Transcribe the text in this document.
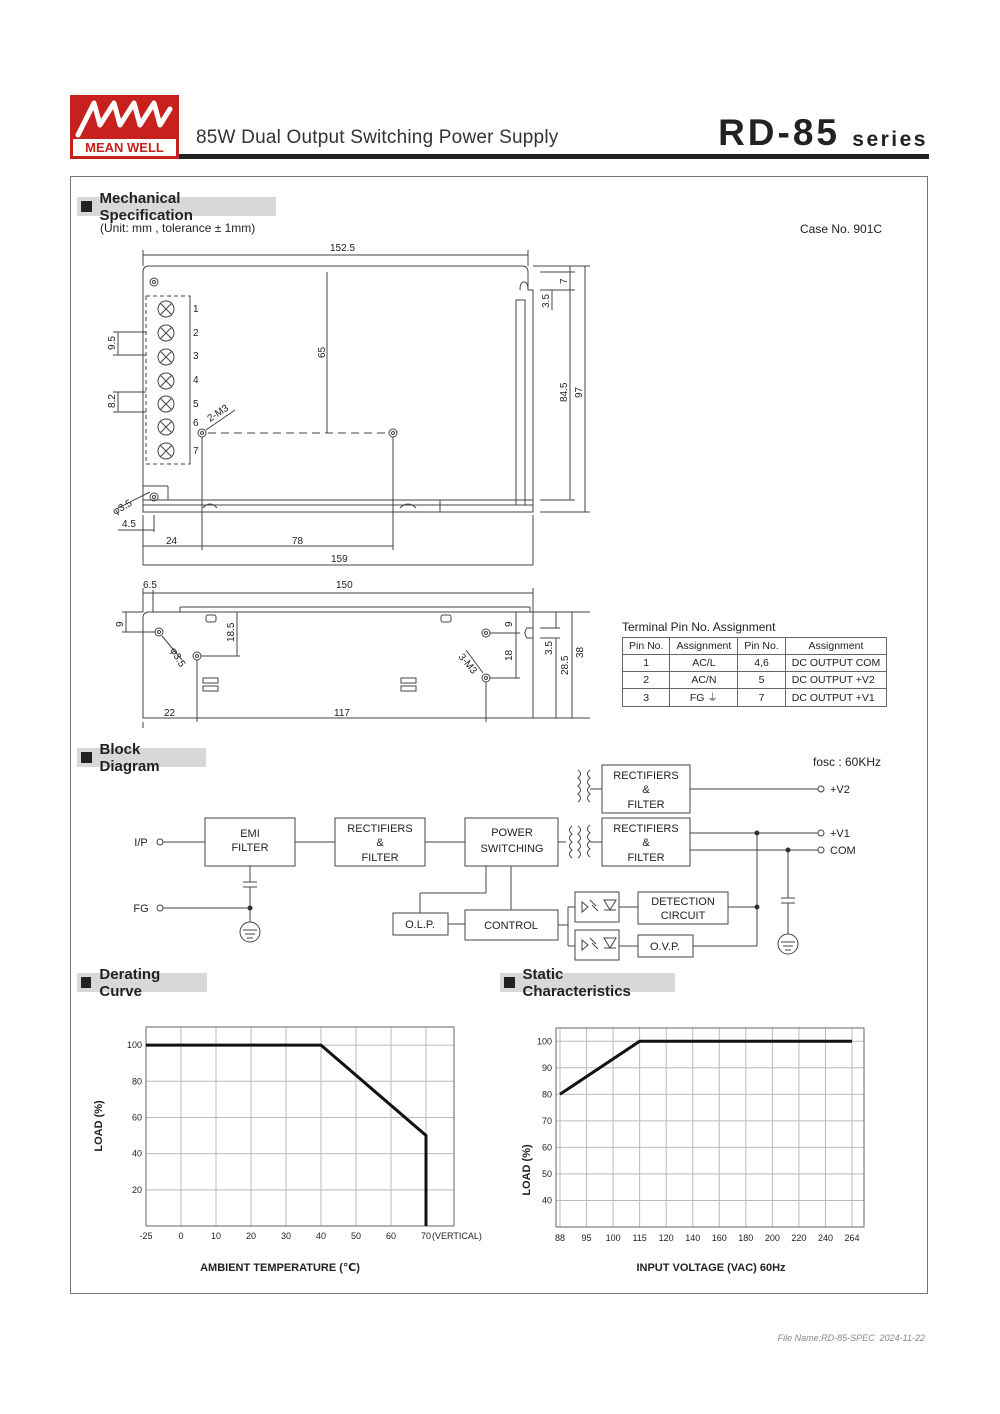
MEAN WELL 85W Dual Output Switching Power Supply	RD-85 series
Mechanical Specification
(Unit: mm , tolerance ± 1mm)	Case No. 901C
1
2
3
4
5
6
7
152.5
65
7
3.5
84.5 97
9.5
8.2
2-M3
φ3.5
4.5
24	78
159
6.5	150
9	18.5
φ3.5	3-M3
9
18
3.5
28.5
38
22	117
Terminal Pin No. Assignment
Pin No.	Assignment	Pin No.	Assignment
1	AC/L	4,6	DC OUTPUT COM
2	AC/N	5	DC OUTPUT +V2
3	FG ⏚	7	DC OUTPUT +V1
Block Diagram	fosc : 60KHz
I/P
FG
EMI
FILTER
RECTIFIERS
&
FILTER
POWER
SWITCHING
RECTIFIERS
&
FILTER
RECTIFIERS
&
FILTER
DETECTION
CIRCUIT
O.L.P.	CONTROL
O.V.P.
+V2
+V1
COM
Derating Curve
-25	0	10	20	30	40	50	60	70 (VERTICAL)
20
40
60
80
100
LOAD (%)
AMBIENT TEMPERATURE (℃)
Static Characteristics
88 95 100 115 120 140 160 180 200 220 240 264
40
50
60
70
80
90
100
LOAD (%)
INPUT VOLTAGE (VAC) 60Hz
File Name:RD-85-SPEC 2024-11-22
